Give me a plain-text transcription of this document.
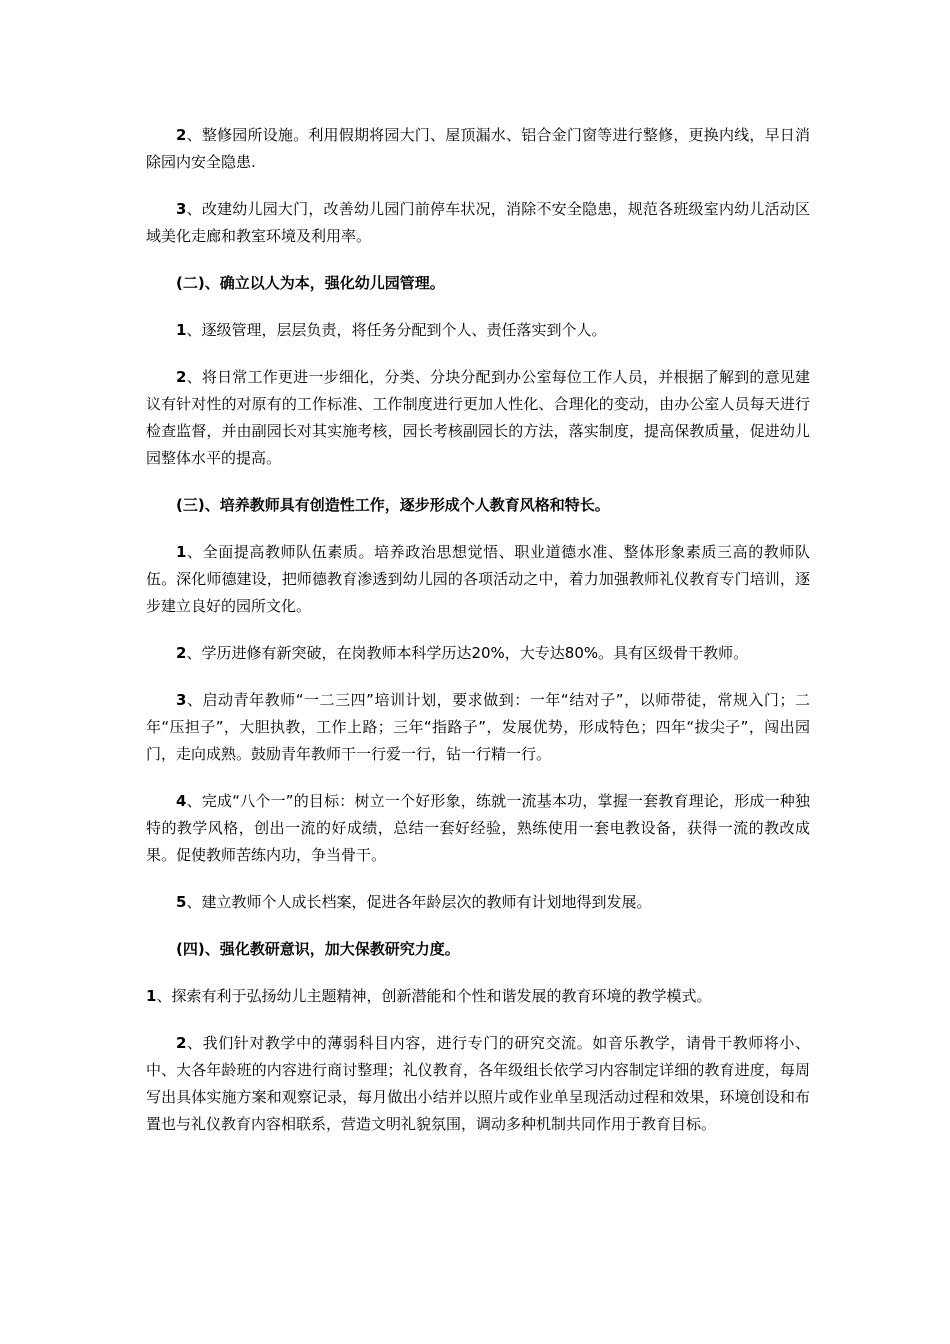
2、整修园所设施。利用假期将园大门、屋顶漏水、铝合金门窗等进行整修，更换内线，早日消除园内安全隐患.

3、改建幼儿园大门，改善幼儿园门前停车状况，消除不安全隐患，规范各班级室内幼儿活动区域美化走廊和教室环境及利用率。

(二)、确立以人为本，强化幼儿园管理。

1、逐级管理，层层负责，将任务分配到个人、责任落实到个人。

2、将日常工作更进一步细化，分类、分块分配到办公室每位工作人员，并根据了解到的意见建议有针对性的对原有的工作标准、工作制度进行更加人性化、合理化的变动，由办公室人员每天进行检查监督，并由副园长对其实施考核，园长考核副园长的方法，落实制度，提高保教质量，促进幼儿园整体水平的提高。

(三)、培养教师具有创造性工作，逐步形成个人教育风格和特长。

1、全面提高教师队伍素质。培养政治思想觉悟、职业道德水准、整体形象素质三高的教师队伍。深化师德建设，把师德教育渗透到幼儿园的各项活动之中，着力加强教师礼仪教育专门培训，逐步建立良好的园所文化。

2、学历进修有新突破，在岗教师本科学历达20%，大专达80%。具有区级骨干教师。

3、启动青年教师“一二三四”培训计划，要求做到：一年“结对子”，以师带徒，常规入门；二年“压担子”，大胆执教，工作上路；三年“指路子”，发展优势，形成特色；四年“拔尖子”，闯出园门，走向成熟。鼓励青年教师干一行爱一行，钻一行精一行。

4、完成“八个一”的目标：树立一个好形象，练就一流基本功，掌握一套教育理论，形成一种独特的教学风格，创出一流的好成绩，总结一套好经验，熟练使用一套电教设备，获得一流的教改成果。促使教师苦练内功，争当骨干。

5、建立教师个人成长档案，促进各年龄层次的教师有计划地得到发展。

(四)、强化教研意识，加大保教研究力度。

1、探索有利于弘扬幼儿主题精神，创新潜能和个性和谐发展的教育环境的教学模式。

2、我们针对教学中的薄弱科目内容，进行专门的研究交流。如音乐教学，请骨干教师将小、中、大各年龄班的内容进行商讨整理；礼仪教育，各年级组长依学习内容制定详细的教育进度，每周写出具体实施方案和观察记录，每月做出小结并以照片或作业单呈现活动过程和效果，环境创设和布置也与礼仪教育内容相联系，营造文明礼貌氛围，调动多种机制共同作用于教育目标。
